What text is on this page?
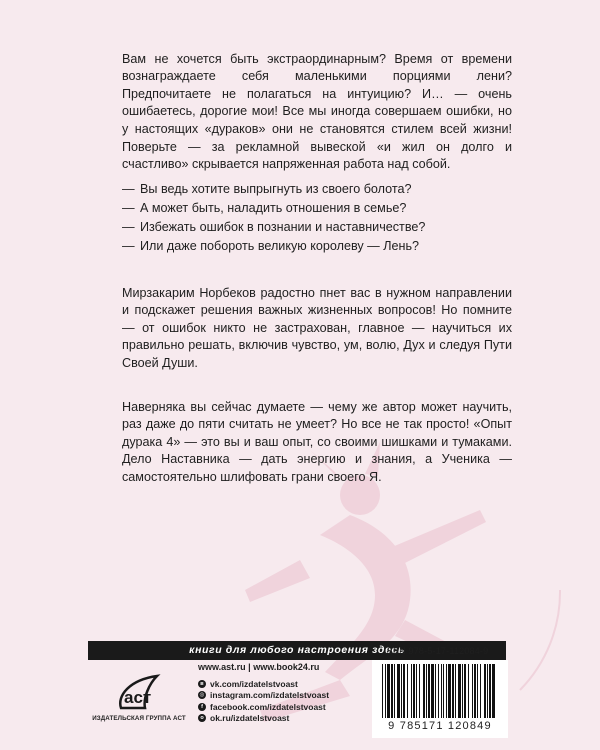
Вам не хочется быть экстраординарным? Время от времени вознаграждаете себя маленькими порциями лени? Предпочитаете не полагаться на интуицию? И… — очень ошибаетесь, дорогие мои! Все мы иногда совершаем ошибки, но у настоящих «дураков» они не становятся стилем всей жизни! Поверьте — за рекламной вывеской «и жил он долго и счастливо» скрывается напряженная работа над собой.

— Вы ведь хотите выпрыгнуть из своего болота?
— А может быть, наладить отношения в семье?
— Избежать ошибок в познании и наставничестве?
— Или даже побороть великую королеву — Лень?

Мирзакарим Норбеков радостно пнет вас в нужном направлении и подскажет решения важных жизненных вопросов! Но помните — от ошибок никто не застрахован, главное — научиться их правильно решать, включив чувство, ум, волю, Дух и следуя Пути Своей Души.

Наверняка вы сейчас думаете — чему же автор может научить, раз даже до пяти считать не умеет? Но все не так просто! «Опыт дурака 4» — это вы и ваш опыт, со своими шишками и тумаками. Дело Наставника — дать энергию и знания, а Ученика — самостоятельно шлифовать грани своего Я.

книги для любого настроения здесь
аст
ИЗДАТЕЛЬСКАЯ ГРУППА АСТ
www.ast.ru | www.book24.ru
в vk.com/izdatelstvoast
◎ instagram.com/izdatelstvoast
f facebook.com/izdatelstvoast
о ok.ru/izdatelstvoast
ISBN 978-5-17-112084-9
9 785171 120849
